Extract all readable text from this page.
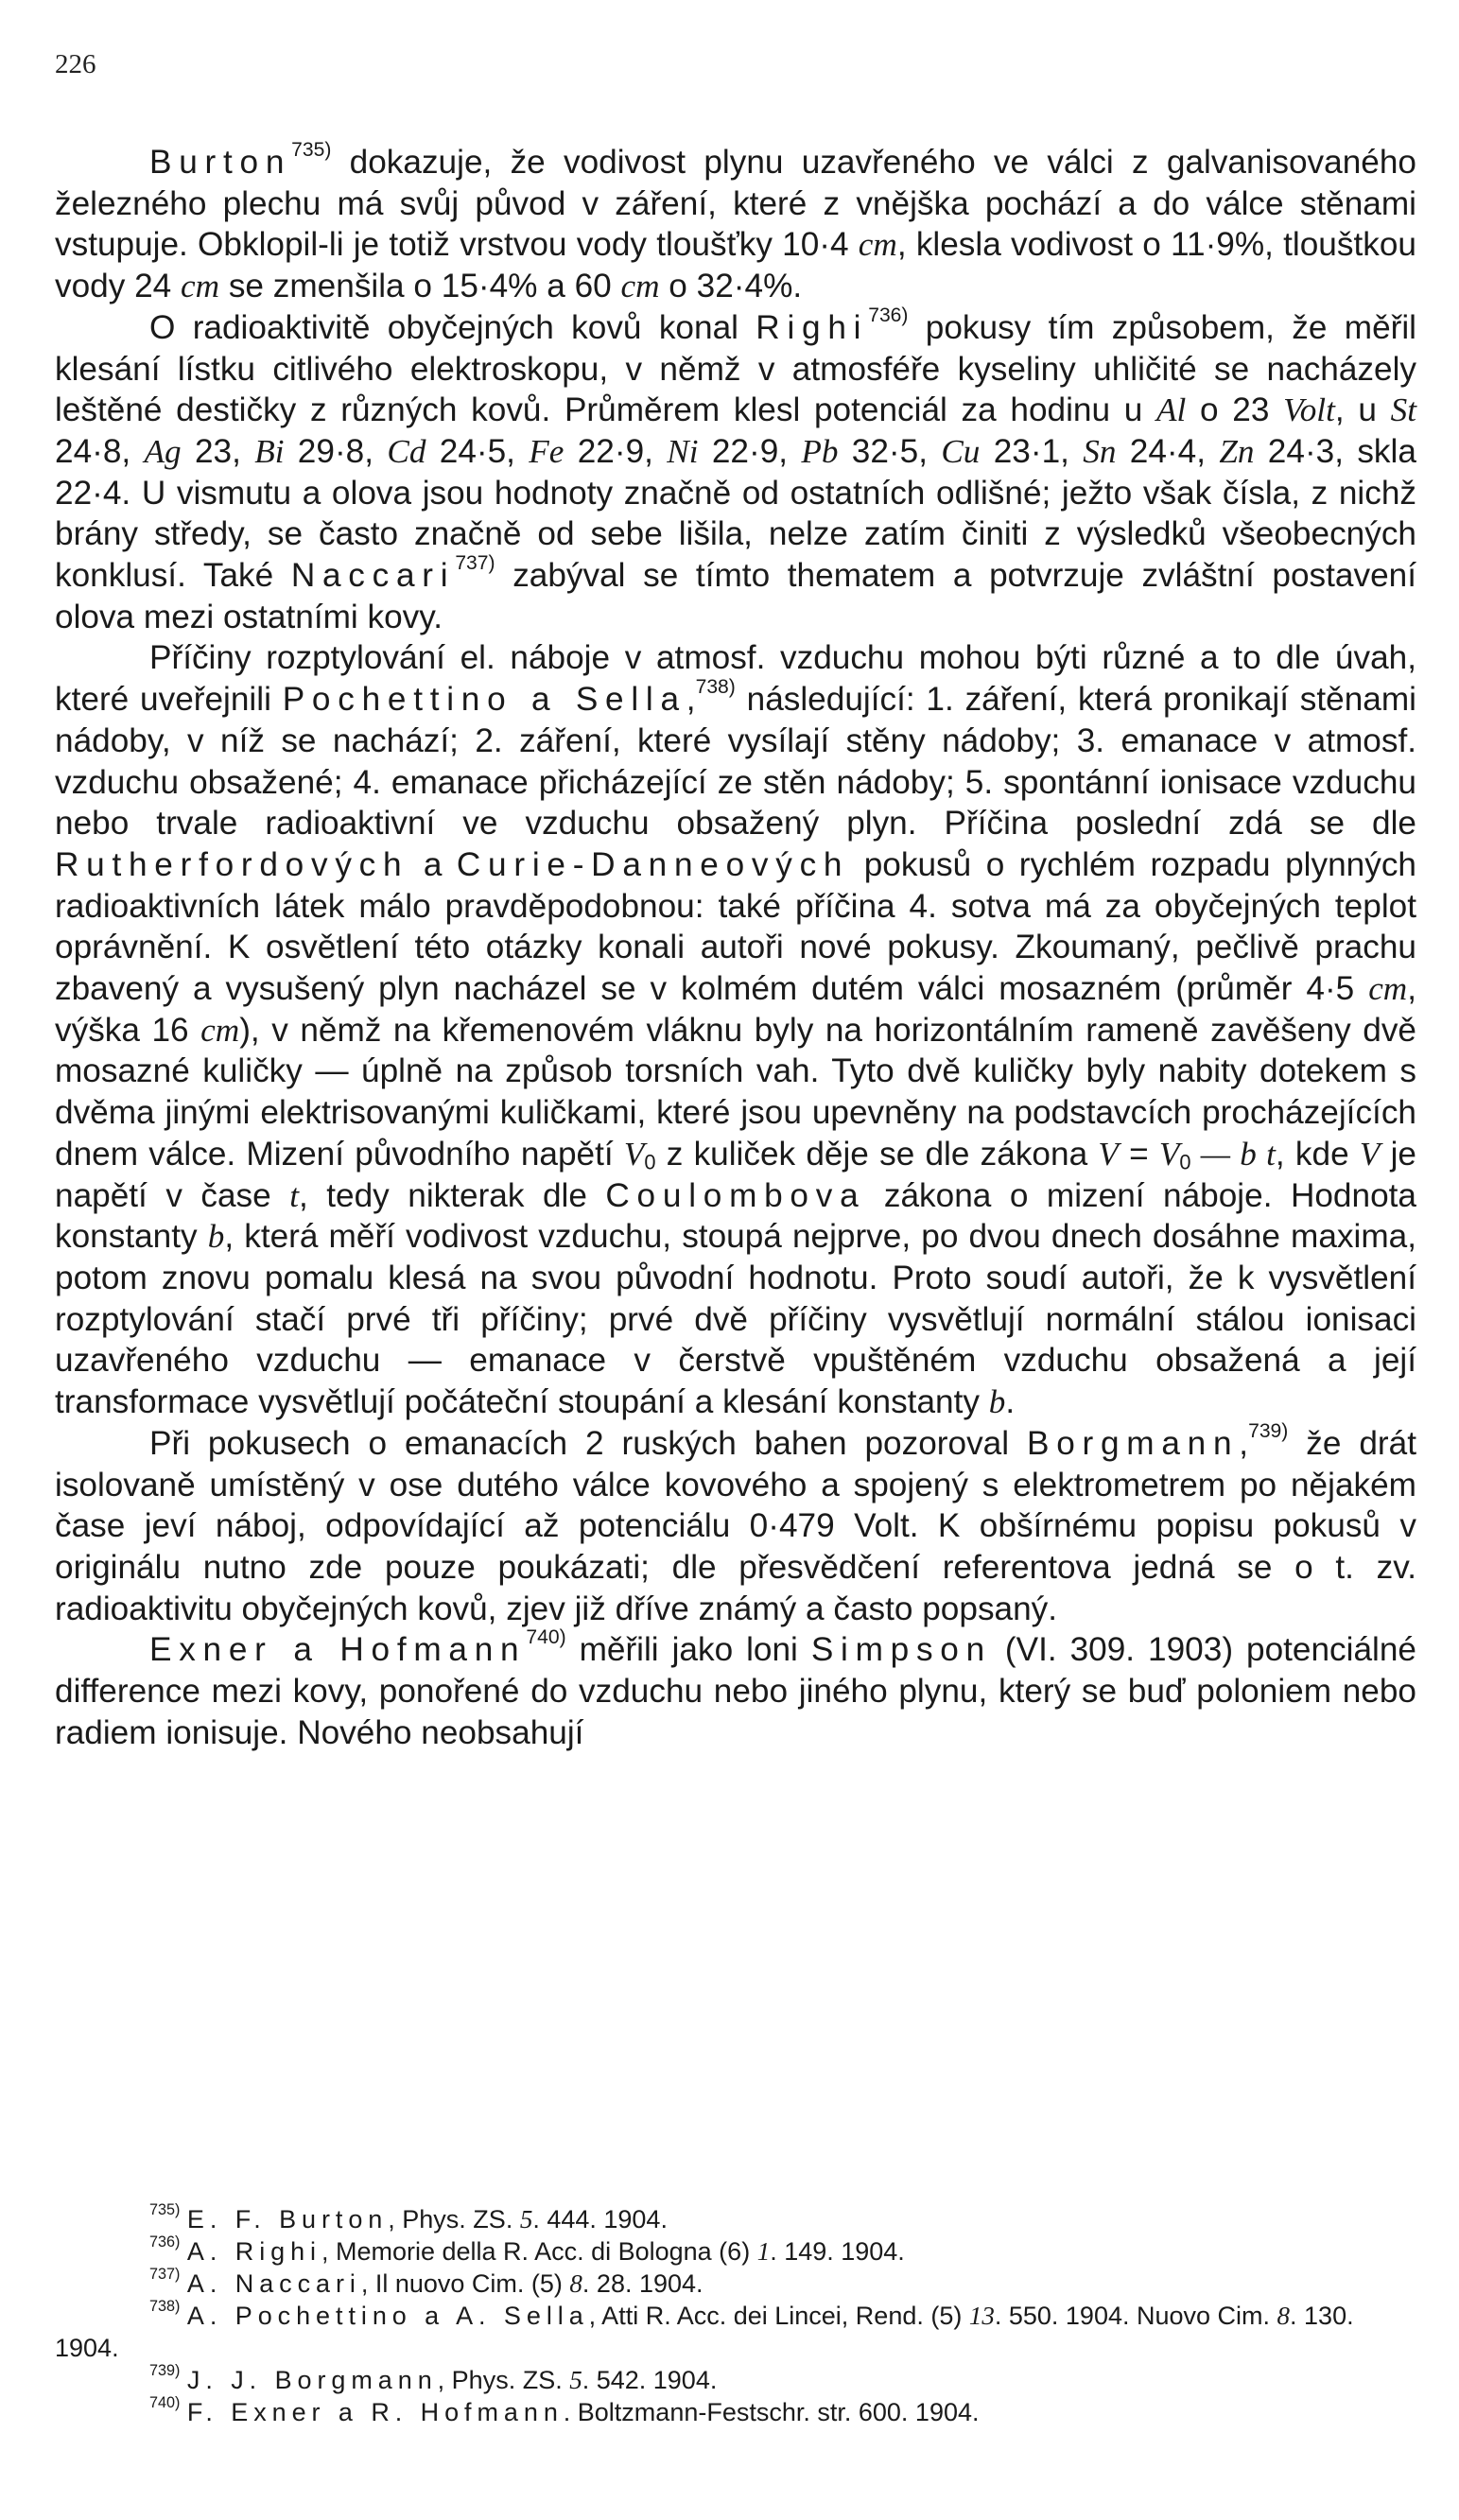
226

Burton$^{735)}$ dokazuje, že vodivost plynu uzavřeného ve válci z galvanisovaného železného plechu má svůj původ v záření, které z vnějška pochází a do válce stěnami vstupuje. Obklopil-li je totiž vrstvou vody tloušťky 10·4 cm, klesla vodivost o 11·9%, tlouštkou vody 24 cm se zmenšila o 15·4% a 60 cm o 32·4%.

O radioaktivitě obyčejných kovů konal Righi$^{736)}$ pokusy tím způsobem, že měřil klesání lístku citlivého elektroskopu, v němž v atmosféře kyseliny uhličité se nacházely leštěné destičky z různých kovů. Průměrem klesl potenciál za hodinu u Al o 23 Volt, u St 24·8, Ag 23, Bi 29·8, Cd 24·5, Fe 22·9, Ni 22·9, Pb 32·5, Cu 23·1, Sn 24·4, Zn 24·3, skla 22·4. U vismutu a olova jsou hodnoty značně od ostatních odlišné; ježto však čísla, z nichž brány středy, se často značně od sebe lišila, nelze zatím činiti z výsledků všeobecných konklusí. Také Naccari$^{737)}$ zabýval se tímto thematem a potvrzuje zvláštní postavení olova mezi ostatními kovy.

Příčiny rozptylování el. náboje v atmosf. vzduchu mohou býti různé a to dle úvah, které uveřejnili Pochettino a Sella,$^{738)}$ následující: 1. záření, která pronikají stěnami nádoby, v níž se nachází; 2. záření, které vysílají stěny nádoby; 3. emanace v atmosf. vzduchu obsažené; 4. emanace přicházející ze stěn nádoby; 5. spontánní ionisace vzduchu nebo trvale radioaktivní ve vzduchu obsažený plyn. Příčina poslední zdá se dle Rutherfordových a Curie-Danneových pokusů o rychlém rozpadu plynných radioaktivních látek málo pravděpodobnou: také příčina 4. sotva má za obyčejných teplot oprávnění. K osvětlení této otázky konali autoři nové pokusy. Zkoumaný, pečlivě prachu zbavený a vysušený plyn nacházel se v kolmém dutém válci mosazném (průměr 4·5 cm, výška 16 cm), v němž na křemenovém vláknu byly na horizontálním rameně zavěšeny dvě mosazné kuličky — úplně na způsob torsních vah. Tyto dvě kuličky byly nabity dotekem s dvěma jinými elektrisovanými kuličkami, které jsou upevněny na podstavcích procházejících dnem válce. Mizení původního napětí $V_0$ z kuliček děje se dle zákona $V = V_0$ — b t, kde V je napětí v čase t, tedy nikterak dle Coulombova zákona o mizení náboje. Hodnota konstanty b, která měří vodivost vzduchu, stoupá nejprve, po dvou dnech dosáhne maxima, potom znovu pomalu klesá na svou původní hodnotu. Proto soudí autoři, že k vysvětlení rozptylování stačí prvé tři příčiny; prvé dvě příčiny vysvětlují normální stálou ionisaci uzavřeného vzduchu — emanace v čerstvě vpuštěném vzduchu obsažená a její transformace vysvětlují počáteční stoupání a klesání konstanty b.

Při pokusech o emanacích 2 ruských bahen pozoroval Borgmann,$^{739)}$ že drát isolovaně umístěný v ose dutého válce kovového a spojený s elektrometrem po nějakém čase jeví náboj, odpovídající až potenciálu 0·479 Volt. K obšírnému popisu pokusů v originálu nutno zde pouze poukázati; dle přesvědčení referentova jedná se o t. zv. radioaktivitu obyčejných kovů, zjev již dříve známý a často popsaný.

Exner a Hofmann$^{740)}$ měřili jako loni Simpson (VI. 309. 1903) potenciálné difference mezi kovy, ponořené do vzduchu nebo jiného plynu, který se buď poloniem nebo radiem ionisuje. Nového neobsahují

$^{735)}$ E. F. Burton, Phys. ZS. 5. 444. 1904.

$^{736)}$ A. Righi, Memorie della R. Acc. di Bologna (6) 1. 149. 1904.

$^{737)}$ A. Naccari, Il nuovo Cim. (5) 8. 28. 1904.

$^{738)}$ A. Pochettino a A. Sella, Atti R. Acc. dei Lincei, Rend. (5) 13. 550. 1904. Nuovo Cim. 8. 130. 1904.

$^{739)}$ J. J. Borgmann, Phys. ZS. 5. 542. 1904.

$^{740)}$ F. Exner a R. Hofmann. Boltzmann-Festschr. str. 600. 1904.
